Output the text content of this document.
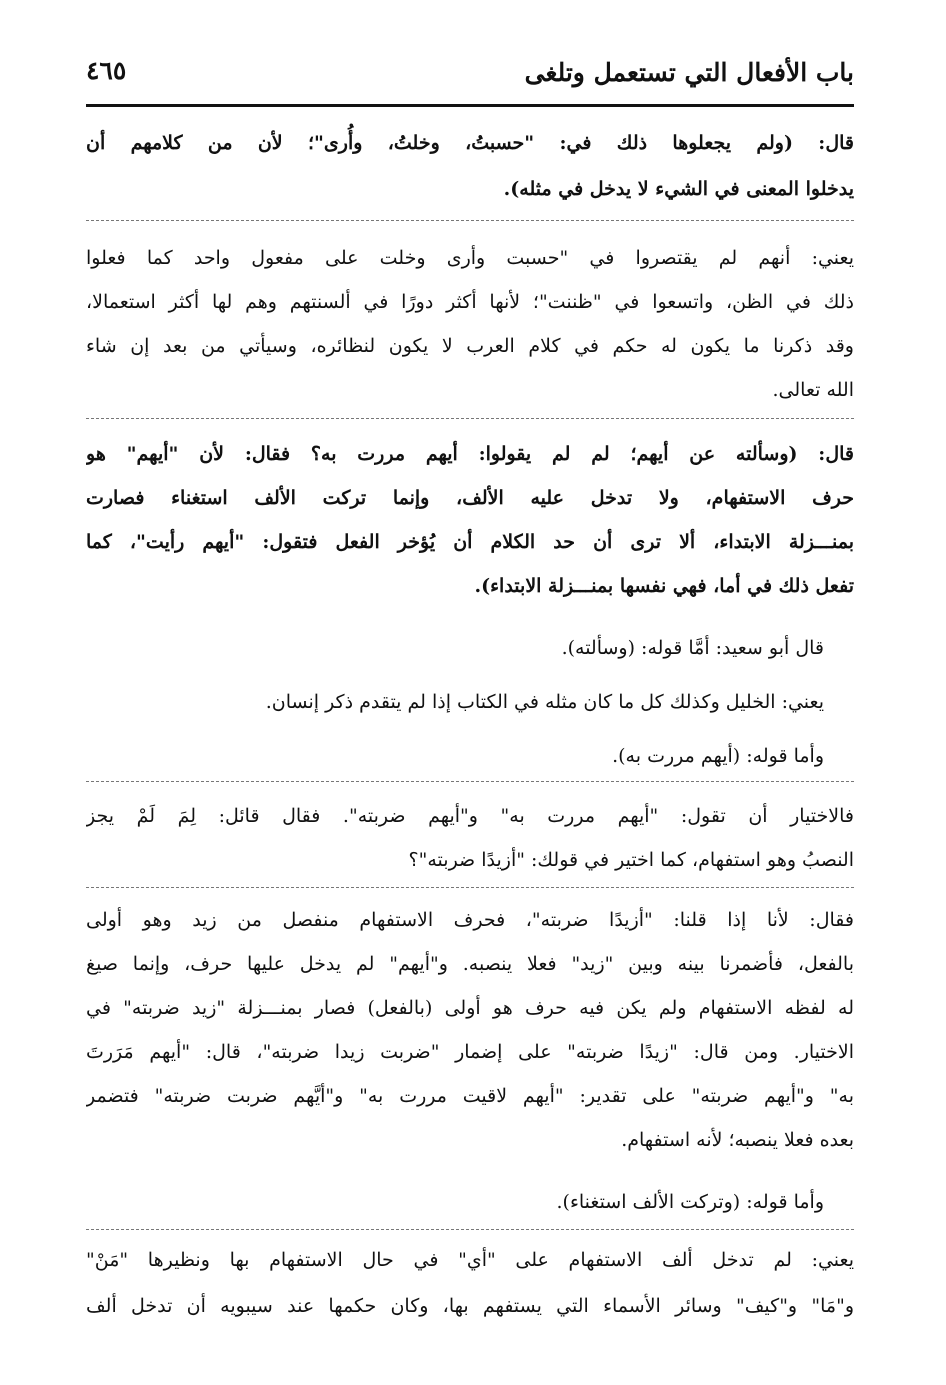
باب الأفعال التي تستعمل وتلغى
٤٦٥
قال: (ولم يجعلوها ذلك في: "حسبتُ، وخلتُ، وأُرى"؛ لأن من كلامهم أن
يدخلوا المعنى في الشيء لا يدخل في مثله).
يعني: أنهم لم يقتصروا في "حسبت وأرى وخلت على مفعول واحد كما فعلوا
ذلك في الظن، واتسعوا في "ظننت"؛ لأنها أكثر دورًا في ألسنتهم وهم لها أكثر استعمالا،
وقد ذكرنا ما يكون له حكم في كلام العرب لا يكون لنظائره، وسيأتي من بعد إن شاء
الله تعالى.
قال: (وسألته عن أيهم؛ لم لم يقولوا: أيهم مررت به؟ فقال: لأن "أيهم" هو
حرف الاستفهام، ولا تدخل عليه الألف، وإنما تركت الألف استغناء فصارت
بمنـــزلة الابتداء، ألا ترى أن حد الكلام أن يُؤخر الفعل فتقول: "أيهم رأيت"، كما
تفعل ذلك في أما، فهي نفسها بمنـــزلة الابتداء).
قال أبو سعيد: أمَّا قوله: (وسألته).
يعني: الخليل وكذلك كل ما كان مثله في الكتاب إذا لم يتقدم ذكر إنسان.
وأما قوله: (أيهم مررت به).
فالاختيار أن تقول: "أيهم مررت به" و"أيهم ضربته". فقال قائل: لِمَ لَمْ يجز
النصبُ وهو استفهام، كما اختير في قولك: "أزيدًا ضربته"؟
فقال: لأنا إذا قلنا: "أزيدًا ضربته"، فحرف الاستفهام منفصل من زيد وهو أولى
بالفعل، فأضمرنا بينه وبين "زيد" فعلا ينصبه. و"أيهم" لم يدخل عليها حرف، وإنما صيغ
له لفظه الاستفهام ولم يكن فيه حرف هو أولى (بالفعل) فصار بمنـــزلة "زيد ضربته" في
الاختيار. ومن قال: "زيدًا ضربته" على إضمار "ضربت زيدا ضربته"، قال: "أيهم مَرَرتَ
به" و"أيهم ضربته" على تقدير: "أيهم لاقيت مررت به" و"أيَّهم ضربت ضربته" فتضمر
بعده فعلا ينصبه؛ لأنه استفهام.
وأما قوله: (وتركت الألف استغناء).
يعني: لم تدخل ألف الاستفهام على "أي" في حال الاستفهام بها ونظيرها "مَنْ"
و"مَا" و"كيف" وسائر الأسماء التي يستفهم بها، وكان حكمها عند سيبويه أن تدخل ألف
